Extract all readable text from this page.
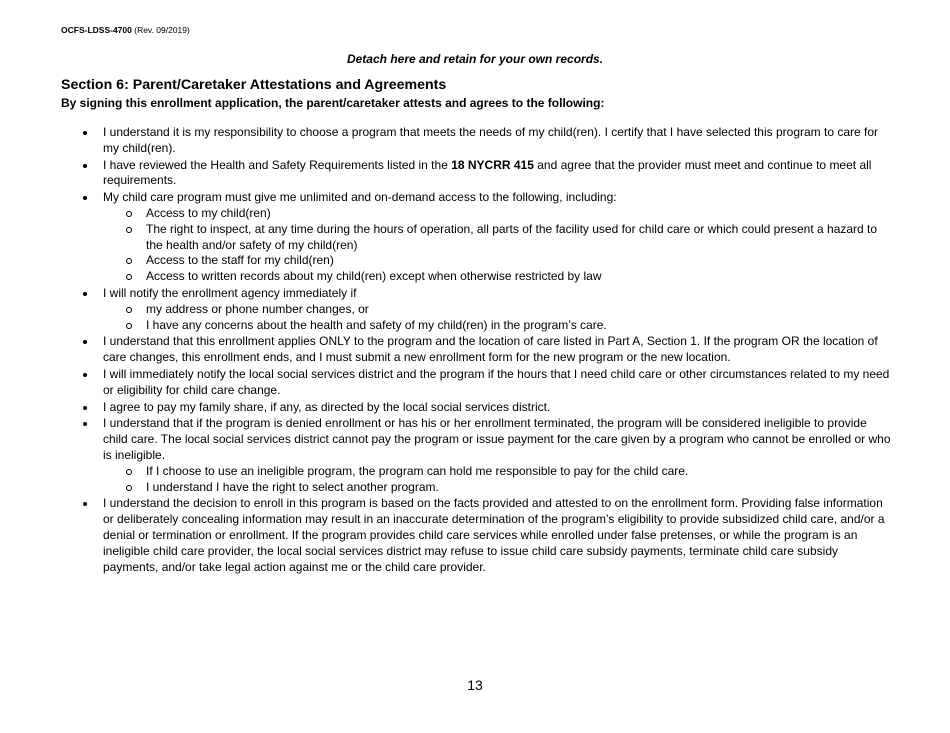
OCFS-LDSS-4700 (Rev. 09/2019)
Detach here and retain for your own records.
Section 6: Parent/Caretaker Attestations and Agreements

By signing this enrollment application, the parent/caretaker attests and agrees to the following:

I understand it is my responsibility to choose a program that meets the needs of my child(ren). I certify that I have selected this program to care for my child(ren).
I have reviewed the Health and Safety Requirements listed in the 18 NYCRR 415 and agree that the provider must meet and continue to meet all requirements.
My child care program must give me unlimited and on-demand access to the following, including:
Access to my child(ren)
The right to inspect, at any time during the hours of operation, all parts of the facility used for child care or which could present a hazard to the health and/or safety of my child(ren)
Access to the staff for my child(ren)
Access to written records about my child(ren) except when otherwise restricted by law
I will notify the enrollment agency immediately if
my address or phone number changes, or
I have any concerns about the health and safety of my child(ren) in the program’s care.
I understand that this enrollment applies ONLY to the program and the location of care listed in Part A, Section 1. If the program OR the location of care changes, this enrollment ends, and I must submit a new enrollment form for the new program or the new location.
I will immediately notify the local social services district and the program if the hours that I need child care or other circumstances related to my need or eligibility for child care change.
I agree to pay my family share, if any, as directed by the local social services district.
I understand that if the program is denied enrollment or has his or her enrollment terminated, the program will be considered ineligible to provide child care. The local social services district cannot pay the program or issue payment for the care given by a program who cannot be enrolled or who is ineligible.
If I choose to use an ineligible program, the program can hold me responsible to pay for the child care.
I understand I have the right to select another program.
I understand the decision to enroll in this program is based on the facts provided and attested to on the enrollment form. Providing false information or deliberately concealing information may result in an inaccurate determination of the program’s eligibility to provide subsidized child care, and/or a denial or termination or enrollment. If the program provides child care services while enrolled under false pretenses, or while the program is an ineligible child care provider, the local social services district may refuse to issue child care subsidy payments, terminate child care subsidy payments, and/or take legal action against me or the child care provider.
13
